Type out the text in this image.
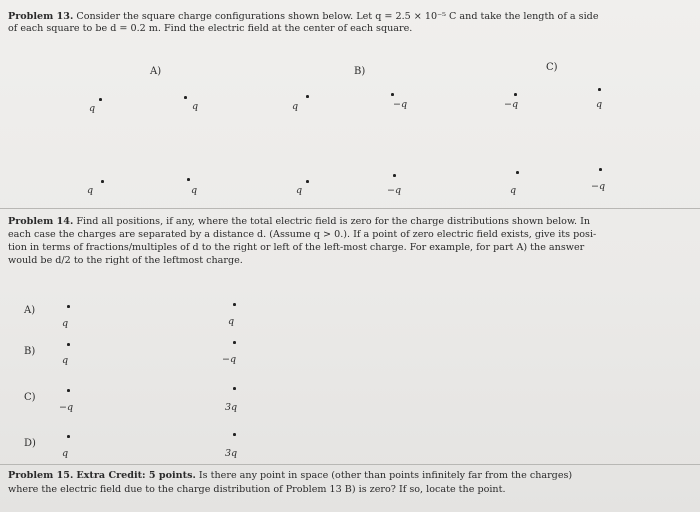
Problem 13. Consider the square charge configurations shown below. Let q = 2.5 × 10⁻⁵ C and take the length of a side
of each square to be d = 0.2 m. Find the electric field at the center of each square.
A)	B)	C)
q	q
q	q
q	−q
q	−q
−q	q
q	−q
Problem 14. Find all positions, if any, where the total electric field is zero for the charge distributions shown below. In
each case the charges are separated by a distance d. (Assume q > 0.). If a point of zero electric field exists, give its posi-
tion in terms of fractions/multiples of d to the right or left of the left-most charge. For example, for part A) the answer
would be d/2 to the right of the leftmost charge.
A)
q	q
B)
q	−q
C)
−q	3q
D)
q	3q
Problem 15. Extra Credit: 5 points. Is there any point in space (other than points infinitely far from the charges)
where the electric field due to the charge distribution of Problem 13 B) is zero? If so, locate the point.
